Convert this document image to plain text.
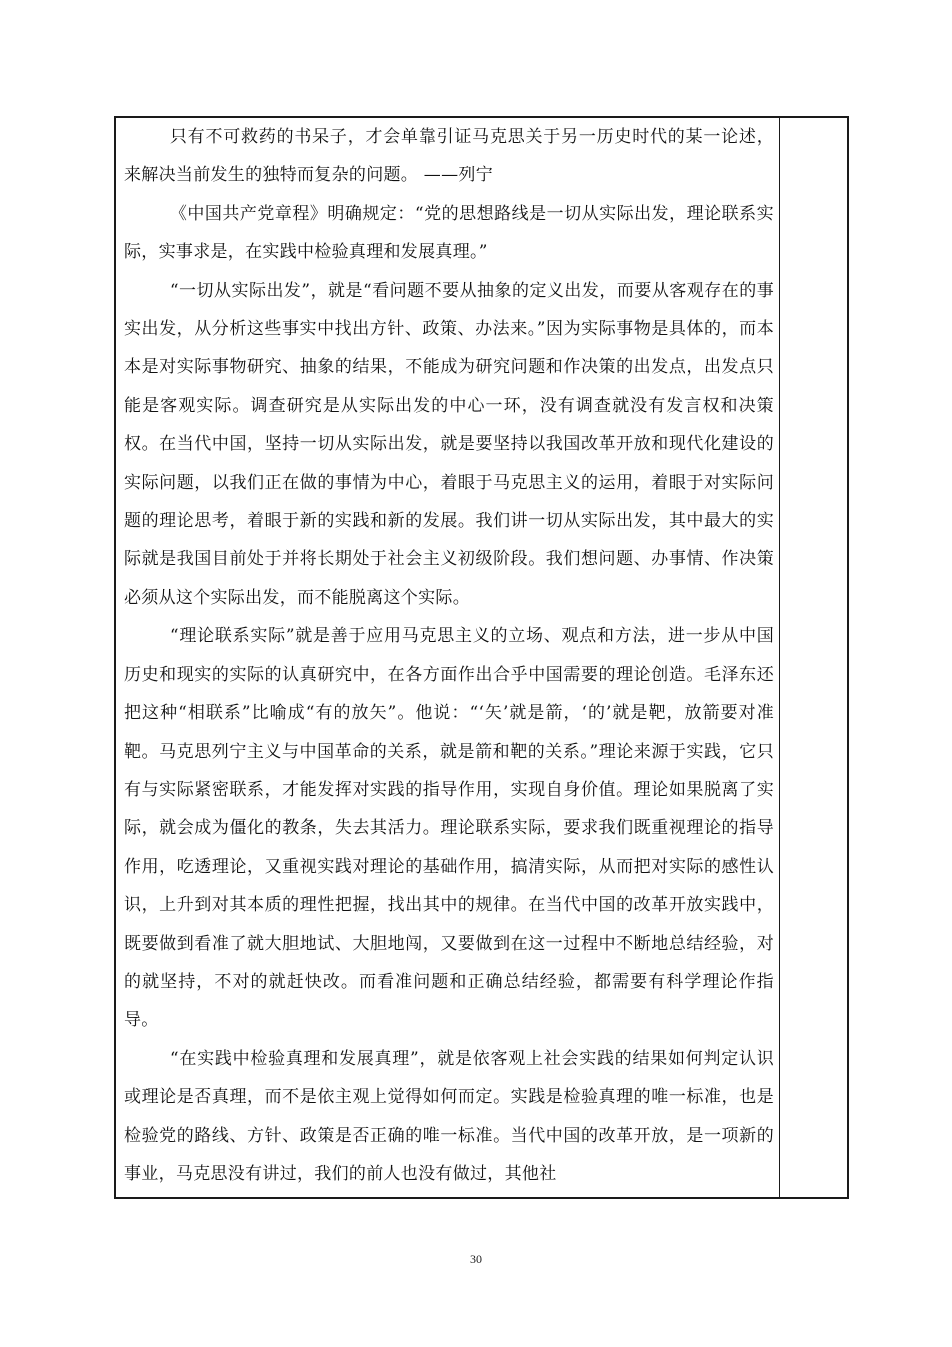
只有不可救药的书呆子，才会单靠引证马克思关于另一历史时代的某一论述，来解决当前发生的独特而复杂的问题。 ——列宁

《中国共产党章程》明确规定：“党的思想路线是一切从实际出发，理论联系实际，实事求是，在实践中检验真理和发展真理。”

“一切从实际出发”，就是“看问题不要从抽象的定义出发，而要从客观存在的事实出发，从分析这些事实中找出方针、政策、办法来。”因为实际事物是具体的，而本本是对实际事物研究、抽象的结果，不能成为研究问题和作决策的出发点，出发点只能是客观实际。调查研究是从实际出发的中心一环，没有调查就没有发言权和决策权。在当代中国，坚持一切从实际出发，就是要坚持以我国改革开放和现代化建设的实际问题，以我们正在做的事情为中心，着眼于马克思主义的运用，着眼于对实际问题的理论思考，着眼于新的实践和新的发展。我们讲一切从实际出发，其中最大的实际就是我国目前处于并将长期处于社会主义初级阶段。我们想问题、办事情、作决策必须从这个实际出发，而不能脱离这个实际。

“理论联系实际”就是善于应用马克思主义的立场、观点和方法，进一步从中国历史和现实的实际的认真研究中，在各方面作出合乎中国需要的理论创造。毛泽东还把这种“相联系”比喻成“有的放矢”。他说：“‘矢’就是箭，‘的’就是靶，放箭要对准靶。马克思列宁主义与中国革命的关系，就是箭和靶的关系。”理论来源于实践，它只有与实际紧密联系，才能发挥对实践的指导作用，实现自身价值。理论如果脱离了实际，就会成为僵化的教条，失去其活力。理论联系实际，要求我们既重视理论的指导作用，吃透理论，又重视实践对理论的基础作用，搞清实际，从而把对实际的感性认识，上升到对其本质的理性把握，找出其中的规律。在当代中国的改革开放实践中，既要做到看准了就大胆地试、大胆地闯，又要做到在这一过程中不断地总结经验，对的就坚持，不对的就赶快改。而看准问题和正确总结经验，都需要有科学理论作指导。

“在实践中检验真理和发展真理”，就是依客观上社会实践的结果如何判定认识或理论是否真理，而不是依主观上觉得如何而定。实践是检验真理的唯一标准，也是检验党的路线、方针、政策是否正确的唯一标准。当代中国的改革开放，是一项新的事业，马克思没有讲过，我们的前人也没有做过，其他社

30
